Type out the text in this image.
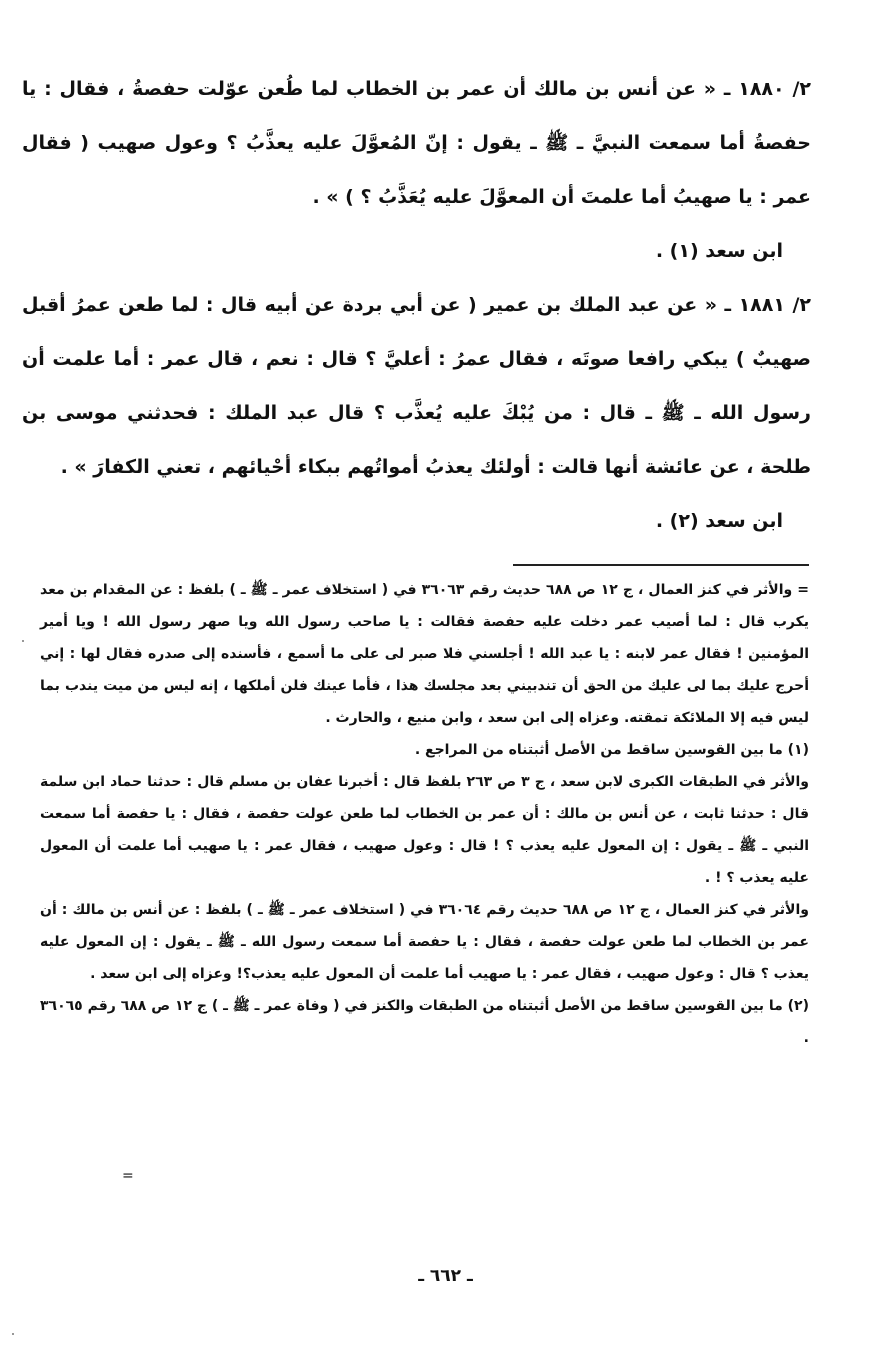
٢/ ١٨٨٠ ـ « عن أنس بن مالك أن عمر بن الخطاب لما طُعن عوّلت حفصةُ ، فقال : يا حفصةُ أما سمعت النبيَّ ـ ﷺ ـ يقول : إنّ المُعوَّلَ عليه يعذَّبُ ؟ وعول صهيب ( فقال عمر : يا صهيبُ أما علمتَ أن المعوَّلَ عليه يُعَذَّبُ ؟ ) » .

ابن سعد (١) .

٢/ ١٨٨١ ـ « عن عبد الملك بن عمير ( عن أبي بردة عن أبيه قال : لما طعن عمرُ أقبل صهيبٌ ) يبكي رافعا صوتَه ، فقال عمرُ : أعليَّ ؟ قال : نعم ، قال عمر : أما علمت أن رسول الله ـ ﷺ ـ قال : من يُبْكَ عليه يُعذَّب ؟ قال عبد الملك : فحدثني موسى بن طلحة ، عن عائشة أنها قالت : أولئك يعذبُ أمواتُهم ببكاء أحْيائهم ، تعني الكفارَ » .

ابن سعد (٢) .

= والأثر في كنز العمال ، ج ١٢ ص ٦٨٨ حديث رقم ٣٦٠٦٣ في ( استخلاف عمر ـ ﷺ ـ ) بلفظ : عن المقدام بن معد يكرب قال : لما أصيب عمر دخلت عليه حفصة فقالت : يا صاحب رسول الله ويا صهر رسول الله ! ويا أمير المؤمنين ! فقال عمر لابنه : يا عبد الله ! أجلسني فلا صبر لى على ما أسمع ، فأسنده إلى صدره فقال لها : إني أحرج عليك بما لى عليك من الحق أن تندبيني بعد مجلسك هذا ، فأما عينك فلن أملكها ، إنه ليس من ميت يندب بما ليس فيه إلا الملائكة تمقته. وعزاه إلى ابن سعد ، وابن منيع ، والحارث .

(١) ما بين القوسين ساقط من الأصل أثبتناه من المراجع .

والأثر في الطبقات الكبرى لابن سعد ، ج ٣ ص ٢٦٣ بلفظ قال : أخبرنا عفان بن مسلم قال : حدثنا حماد ابن سلمة قال : حدثنا ثابت ، عن أنس بن مالك : أن عمر بن الخطاب لما طعن عولت حفصة ، فقال : يا حفصة أما سمعت النبي ـ ﷺ ـ يقول : إن المعول عليه يعذب ؟ ! قال : وعول صهيب ، فقال عمر : يا صهيب أما علمت أن المعول عليه يعذب ؟ ! .

والأثر في كنز العمال ، ج ١٢ ص ٦٨٨ حديث رقم ٣٦٠٦٤ في ( استخلاف عمر ـ ﷺ ـ ) بلفظ : عن أنس بن مالك : أن عمر بن الخطاب لما طعن عولت حفصة ، فقال : يا حفصة أما سمعت رسول الله ـ ﷺ ـ يقول : إن المعول عليه يعذب ؟ قال : وعول صهيب ، فقال عمر : يا صهيب أما علمت أن المعول عليه يعذب؟! وعزاه إلى ابن سعد .

(٢) ما بين القوسين ساقط من الأصل أثبتناه من الطبقات والكنز في ( وفاة عمر ـ ﷺ ـ ) ج ١٢ ص ٦٨٨ رقم ٣٦٠٦٥ .

=
ـ ٦٦٢ ـ
